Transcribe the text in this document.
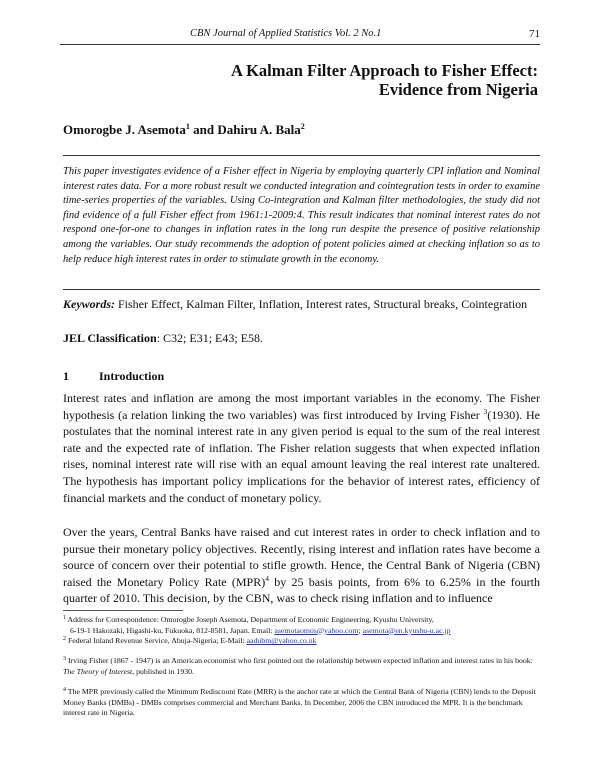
CBN Journal of Applied Statistics Vol. 2 No.1	71
A Kalman Filter Approach to Fisher Effect:
Evidence from Nigeria
Omorogbe J. Asemota$^1$ and Dahiru A. Bala$^2$
This paper investigates evidence of a Fisher effect in Nigeria by employing quarterly CPI inflation and Nominal interest rates data. For a more robust result we conducted integration and cointegration tests in order to examine time-series properties of the variables. Using Co-integration and Kalman filter methodologies, the study did not find evidence of a full Fisher effect from 1961:1-2009:4. This result indicates that nominal interest rates do not respond one-for-one to changes in inflation rates in the long run despite the presence of positive relationship among the variables. Our study recommends the adoption of potent policies aimed at checking inflation so as to help reduce high interest rates in order to stimulate growth in the economy.
Keywords: Fisher Effect, Kalman Filter, Inflation, Interest rates, Structural breaks, Cointegration
JEL Classification: C32; E31; E43; E58.
1	Introduction
Interest rates and inflation are among the most important variables in the economy. The Fisher hypothesis (a relation linking the two variables) was first introduced by Irving Fisher $^3$(1930). He postulates that the nominal interest rate in any given period is equal to the sum of the real interest rate and the expected rate of inflation. The Fisher relation suggests that when expected inflation rises, nominal interest rate will rise with an equal amount leaving the real interest rate unaltered. The hypothesis has important policy implications for the behavior of interest rates, efficiency of financial markets and the conduct of monetary policy.
Over the years, Central Banks have raised and cut interest rates in order to check inflation and to pursue their monetary policy objectives. Recently, rising interest and inflation rates have become a source of concern over their potential to stifle growth. Hence, the Central Bank of Nigeria (CBN) raised the Monetary Policy Rate (MPR)$^4$ by 25 basis points, from 6% to 6.25% in the fourth quarter of 2010. This decision, by the CBN, was to check rising inflation and to influence
$^1$ Address for Correspondence: Omorogbe Joseph Asemota, Department of Economic Engineering, Kyushu University,
6-19-1 Hakozaki, Higashi-ku, Fukuoka, 812-8581, Japan. Email: asemotaomos@yahoo.com; asemota@en.kyushu-u.ac.jp
$^2$ Federal Inland Revenue Service, Abuja-Nigeria; E-Mail: aadubm@yahoo.co.uk
$^3$ Irving Fisher (1867 - 1947) is an American economist who first pointed out the relationship between expected inflation and interest rates in his book: The Theory of Interest, published in 1930.
$^4$ The MPR previously called the Minimum Rediscount Rate (MRR) is the anchor rate at which the Central Bank of Nigeria (CBN) lends to the Deposit Money Banks (DMBs) - DMBs comprises commercial and Merchant Banks. In December, 2006 the CBN introduced the MPR. It is the benchmark interest rate in Nigeria.
